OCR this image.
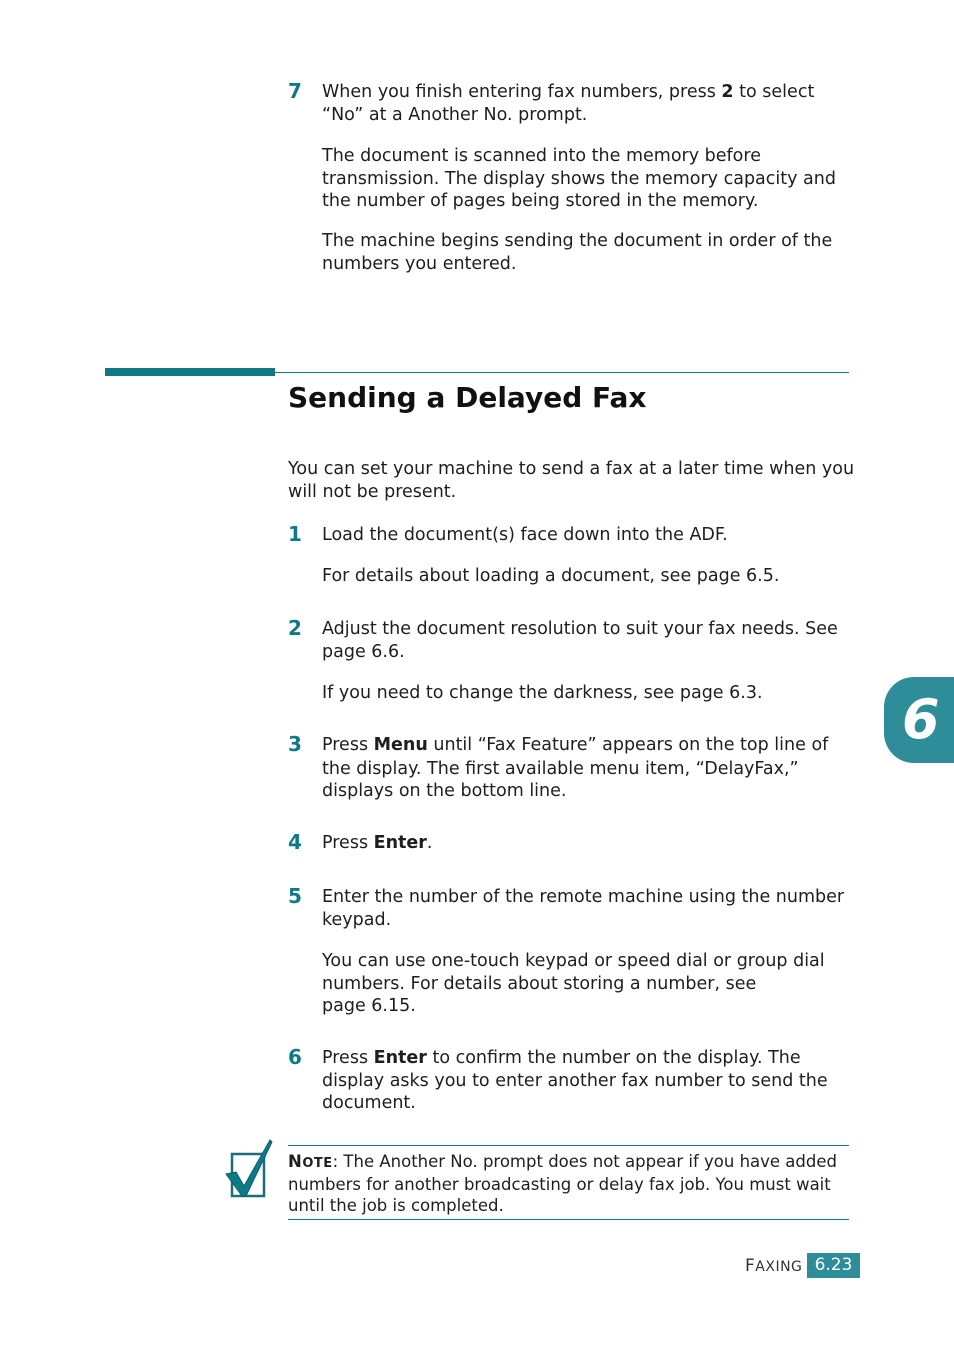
7 When you finish entering fax numbers, press 2 to select
“No” at a Another No. prompt.
The document is scanned into the memory before
transmission. The display shows the memory capacity and
the number of pages being stored in the memory.
The machine begins sending the document in order of the
numbers you entered.
Sending a Delayed Fax
You can set your machine to send a fax at a later time when you
will not be present.
1 Load the document(s) face down into the ADF.
For details about loading a document, see page 6.5.
2 Adjust the document resolution to suit your fax needs. See
page 6.6.
If you need to change the darkness, see page 6.3.
3 Press Menu until “Fax Feature” appears on the top line of
the display. The first available menu item, “DelayFax,”
displays on the bottom line.
4 Press Enter.
5 Enter the number of the remote machine using the number
keypad.
You can use one-touch keypad or speed dial or group dial
numbers. For details about storing a number, see
page 6.15.
6 Press Enter to confirm the number on the display. The
display asks you to enter another fax number to send the
document.
NOTE: The Another No. prompt does not appear if you have added
numbers for another broadcasting or delay fax job. You must wait
until the job is completed.
6
FAXING 6.23
